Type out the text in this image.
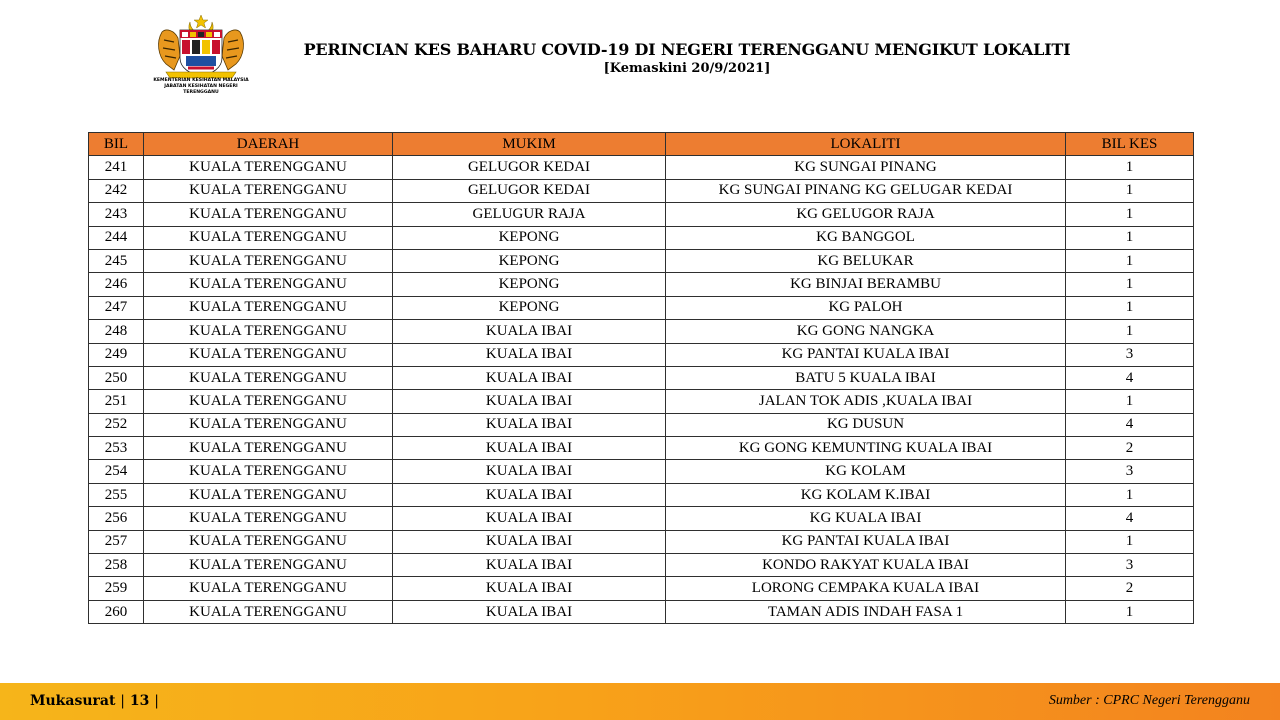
KEMENTERIAN KESIHATAN MALAYSIA
JABATAN KESIHATAN NEGERI TERENGGANU
PERINCIAN KES BAHARU COVID-19 DI NEGERI TERENGGANU MENGIKUT LOKALITI
[Kemaskini 20/9/2021]
BIL	DAERAH	MUKIM	LOKALITI	BIL KES
241	KUALA TERENGGANU	GELUGOR KEDAI	KG SUNGAI PINANG	1
242	KUALA TERENGGANU	GELUGOR KEDAI	KG SUNGAI PINANG KG GELUGAR KEDAI	1
243	KUALA TERENGGANU	GELUGUR RAJA	KG GELUGOR RAJA	1
244	KUALA TERENGGANU	KEPONG	KG BANGGOL	1
245	KUALA TERENGGANU	KEPONG	KG BELUKAR	1
246	KUALA TERENGGANU	KEPONG	KG BINJAI BERAMBU	1
247	KUALA TERENGGANU	KEPONG	KG PALOH	1
248	KUALA TERENGGANU	KUALA IBAI	KG GONG NANGKA	1
249	KUALA TERENGGANU	KUALA IBAI	KG PANTAI KUALA IBAI	3
250	KUALA TERENGGANU	KUALA IBAI	BATU 5 KUALA IBAI	4
251	KUALA TERENGGANU	KUALA IBAI	JALAN TOK ADIS ,KUALA IBAI	1
252	KUALA TERENGGANU	KUALA IBAI	KG DUSUN	4
253	KUALA TERENGGANU	KUALA IBAI	KG GONG KEMUNTING KUALA IBAI	2
254	KUALA TERENGGANU	KUALA IBAI	KG KOLAM	3
255	KUALA TERENGGANU	KUALA IBAI	KG KOLAM K.IBAI	1
256	KUALA TERENGGANU	KUALA IBAI	KG KUALA IBAI	4
257	KUALA TERENGGANU	KUALA IBAI	KG PANTAI KUALA IBAI	1
258	KUALA TERENGGANU	KUALA IBAI	KONDO RAKYAT KUALA IBAI	3
259	KUALA TERENGGANU	KUALA IBAI	LORONG CEMPAKA KUALA IBAI	2
260	KUALA TERENGGANU	KUALA IBAI	TAMAN ADIS INDAH FASA 1	1
Mukasurat | 13 |	Sumber : CPRC Negeri Terengganu
